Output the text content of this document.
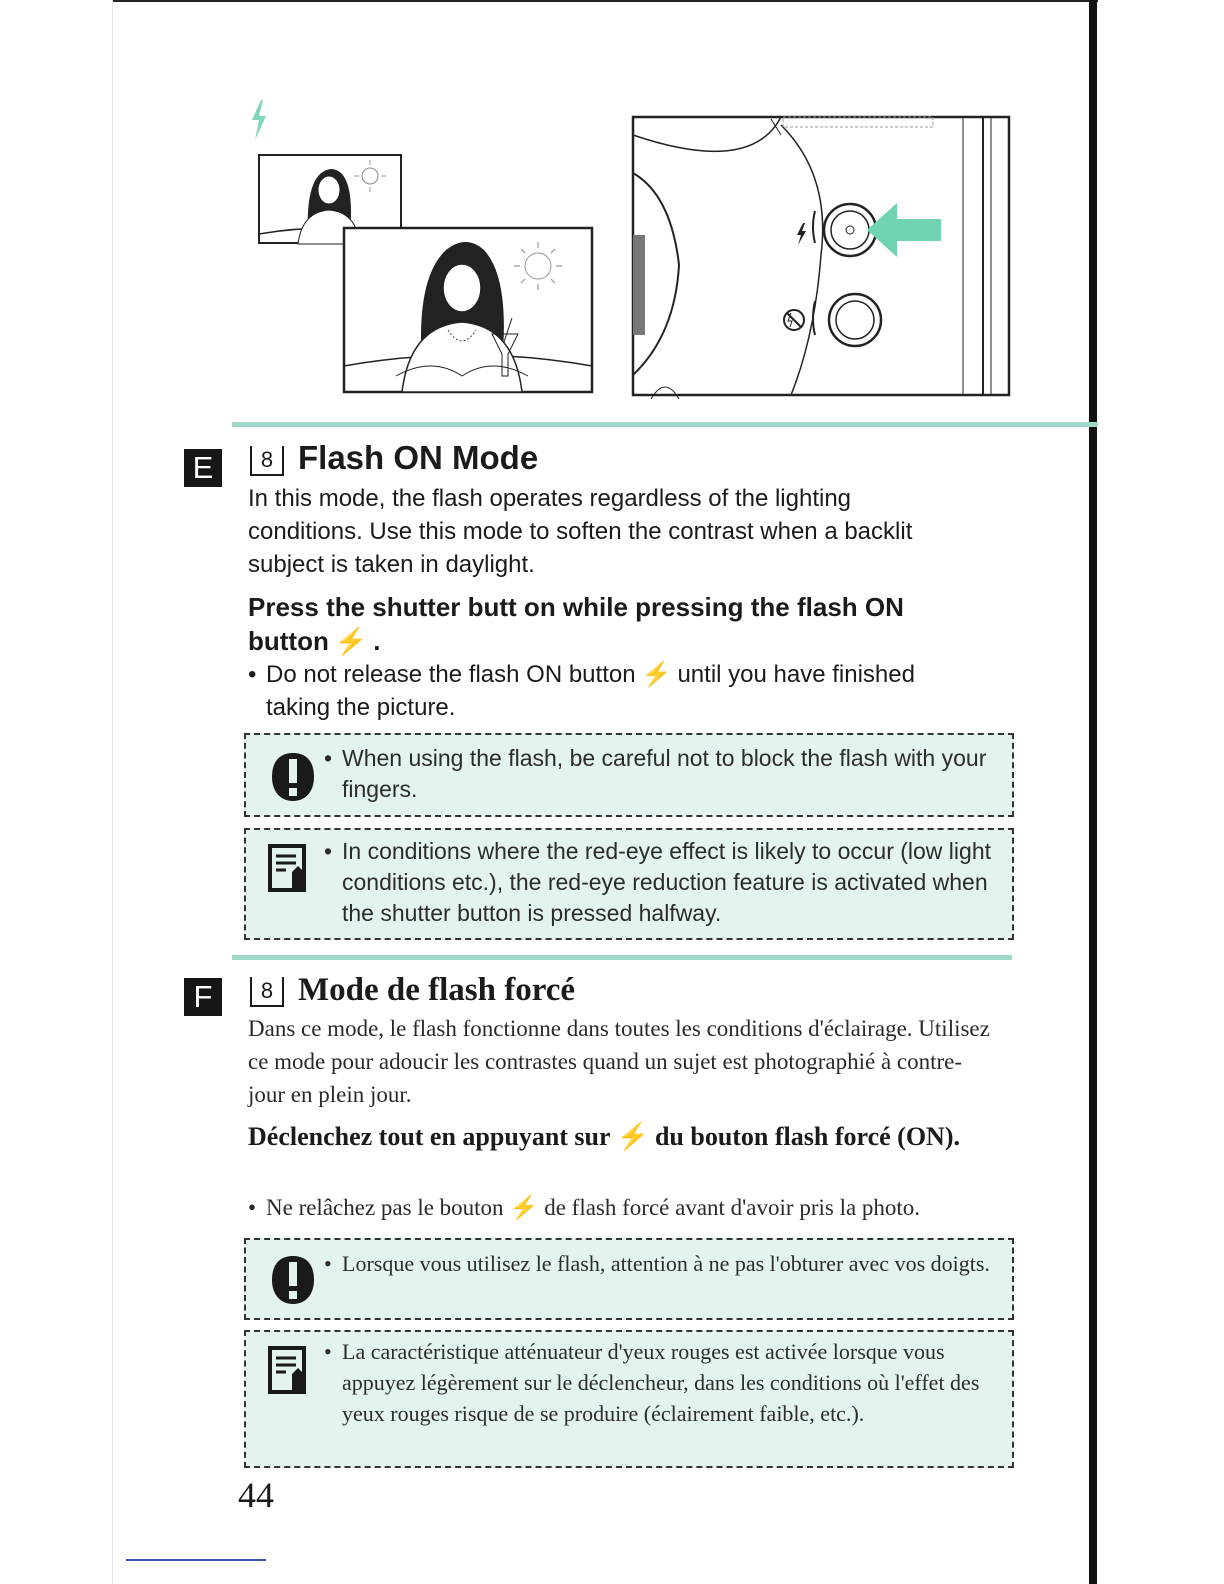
E	8 Flash ON Mode
In this mode, the flash operates regardless of the lighting conditions. Use this mode to soften the contrast when a backlit subject is taken in daylight.
Press the shutter butt on while pressing the flash ON button ⚡ .
• Do not release the flash ON button ⚡ until you have finished taking the picture.
• When using the flash, be careful not to block the flash with your fingers.
• In conditions where the red-eye effect is likely to occur (low light conditions etc.), the red-eye reduction feature is activated when the shutter button is pressed halfway.
F	8 Mode de flash forcé
Dans ce mode, le flash fonctionne dans toutes les conditions d'éclairage. Utilisez ce mode pour adoucir les contrastes quand un sujet est photographié à contre-jour en plein jour.
Déclenchez tout en appuyant sur ⚡ du bouton flash forcé (ON).
• Ne relâchez pas le bouton ⚡ de flash forcé avant d'avoir pris la photo.
• Lorsque vous utilisez le flash, attention à ne pas l'obturer avec vos doigts.
• La caractéristique atténuateur d'yeux rouges est activée lorsque vous appuyez légèrement sur le déclencheur, dans les conditions où l'effet des yeux rouges risque de se produire (éclairement faible, etc.).
44
